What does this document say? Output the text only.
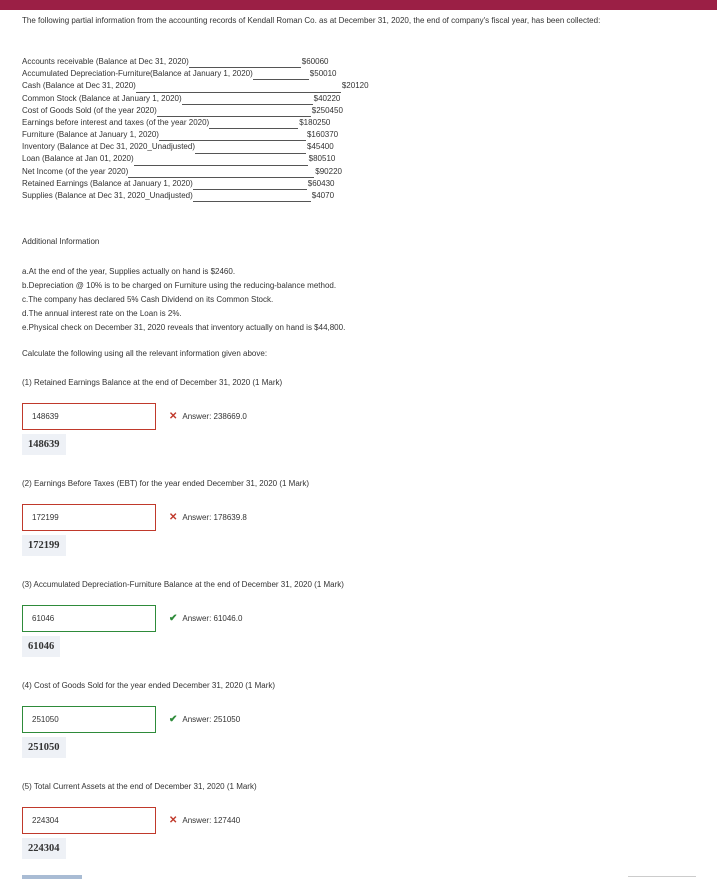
The following partial information from the accounting records of Kendall Roman Co. as at December 31, 2020, the end of company's fiscal year, has been collected:
Accounts receivable (Balance at Dec 31, 2020)	$60060
Accumulated Depreciation-Furniture(Balance at January 1, 2020)	$50010
Cash (Balance at Dec 31, 2020)	$20120
Common Stock (Balance at January 1, 2020)	$40220
Cost of Goods Sold (of the year 2020)	$250450
Earnings before interest and taxes (of the year 2020)	$180250
Furniture (Balance at January 1, 2020)	$160370
Inventory (Balance at Dec 31, 2020_Unadjusted)	$45400
Loan (Balance at Jan 01, 2020)	$80510
Net Income (of the year 2020)	$90220
Retained Earnings (Balance at January 1, 2020)	$60430
Supplies (Balance at Dec 31, 2020_Unadjusted)	$4070
Additional Information
a.At the end of the year, Supplies actually on hand is $2460.
b.Depreciation @ 10% is to be charged on Furniture using the reducing-balance method.
c.The company has declared 5% Cash Dividend on its Common Stock.
d.The annual interest rate on the Loan is 2%.
e.Physical check on December 31, 2020 reveals that inventory actually on hand is $44,800.
Calculate the following using all the relevant information given above:
(1) Retained Earnings Balance at the end of December 31, 2020 (1 Mark)
148639	✕ Answer: 238669.0
148639
(2) Earnings Before Taxes (EBT) for the year ended December 31, 2020 (1 Mark)
172199	✕ Answer: 178639.8
172199
(3) Accumulated Depreciation-Furniture Balance at the end of December 31, 2020 (1 Mark)
61046	✔ Answer: 61046.0
61046
(4) Cost of Goods Sold for the year ended December 31, 2020 (1 Mark)
251050	✔ Answer: 251050
251050
(5) Total Current Assets at the end of December 31, 2020 (1 Mark)
224304	✕ Answer: 127440
224304
